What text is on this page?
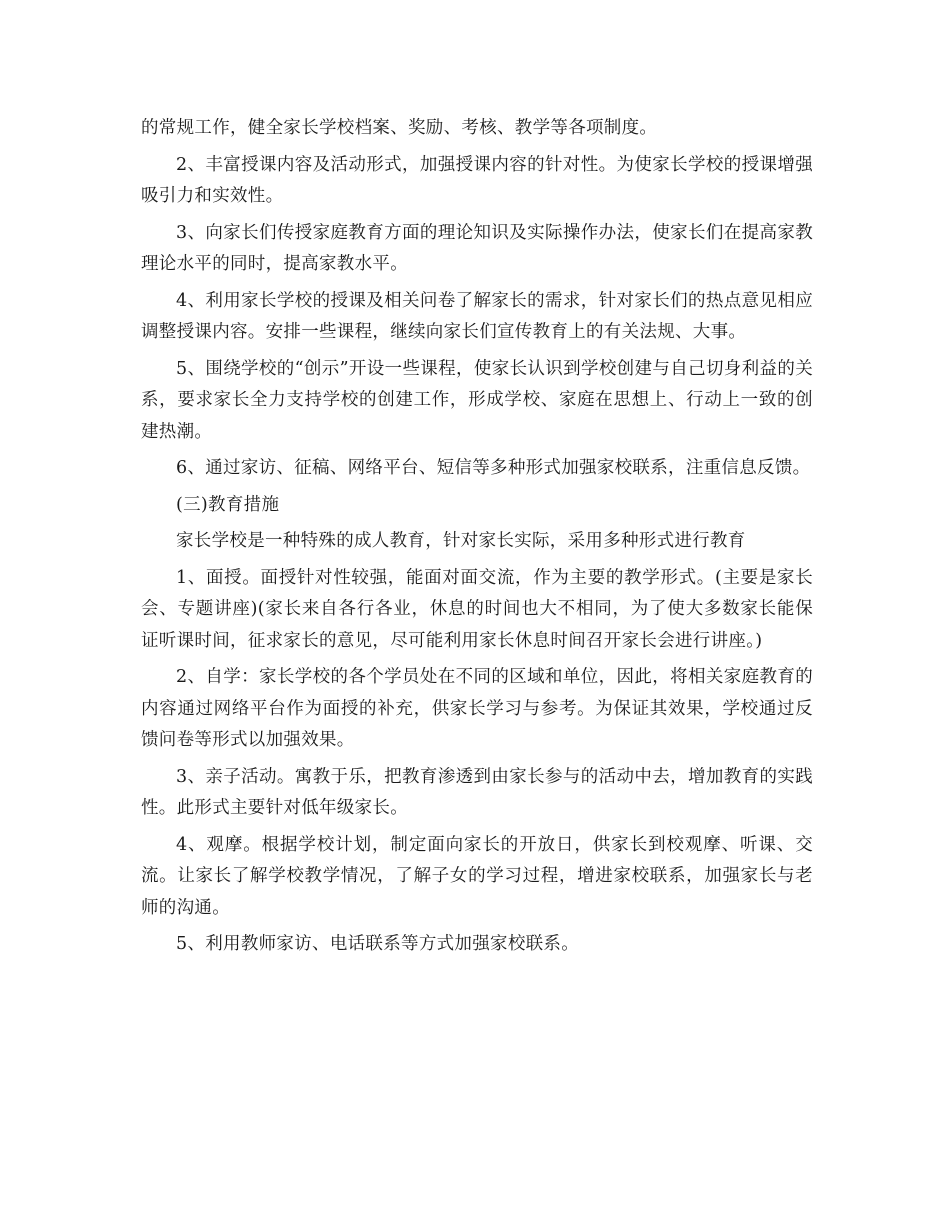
的常规工作，健全家长学校档案、奖励、考核、教学等各项制度。

2、丰富授课内容及活动形式，加强授课内容的针对性。为使家长学校的授课增强吸引力和实效性。

3、向家长们传授家庭教育方面的理论知识及实际操作办法，使家长们在提高家教理论水平的同时，提高家教水平。

4、利用家长学校的授课及相关问卷了解家长的需求，针对家长们的热点意见相应调整授课内容。安排一些课程，继续向家长们宣传教育上的有关法规、大事。

5、围绕学校的“创示”开设一些课程，使家长认识到学校创建与自己切身利益的关系，要求家长全力支持学校的创建工作，形成学校、家庭在思想上、行动上一致的创建热潮。

6、通过家访、征稿、网络平台、短信等多种形式加强家校联系，注重信息反馈。

(三)教育措施

家长学校是一种特殊的成人教育，针对家长实际，采用多种形式进行教育

1、面授。面授针对性较强，能面对面交流，作为主要的教学形式。(主要是家长会、专题讲座)(家长来自各行各业，休息的时间也大不相同，为了使大多数家长能保证听课时间，征求家长的意见，尽可能利用家长休息时间召开家长会进行讲座。)

2、自学：家长学校的各个学员处在不同的区域和单位，因此，将相关家庭教育的内容通过网络平台作为面授的补充，供家长学习与参考。为保证其效果，学校通过反馈问卷等形式以加强效果。

3、亲子活动。寓教于乐，把教育渗透到由家长参与的活动中去，增加教育的实践性。此形式主要针对低年级家长。

4、观摩。根据学校计划，制定面向家长的开放日，供家长到校观摩、听课、交流。让家长了解学校教学情况，了解子女的学习过程，增进家校联系，加强家长与老师的沟通。

5、利用教师家访、电话联系等方式加强家校联系。
